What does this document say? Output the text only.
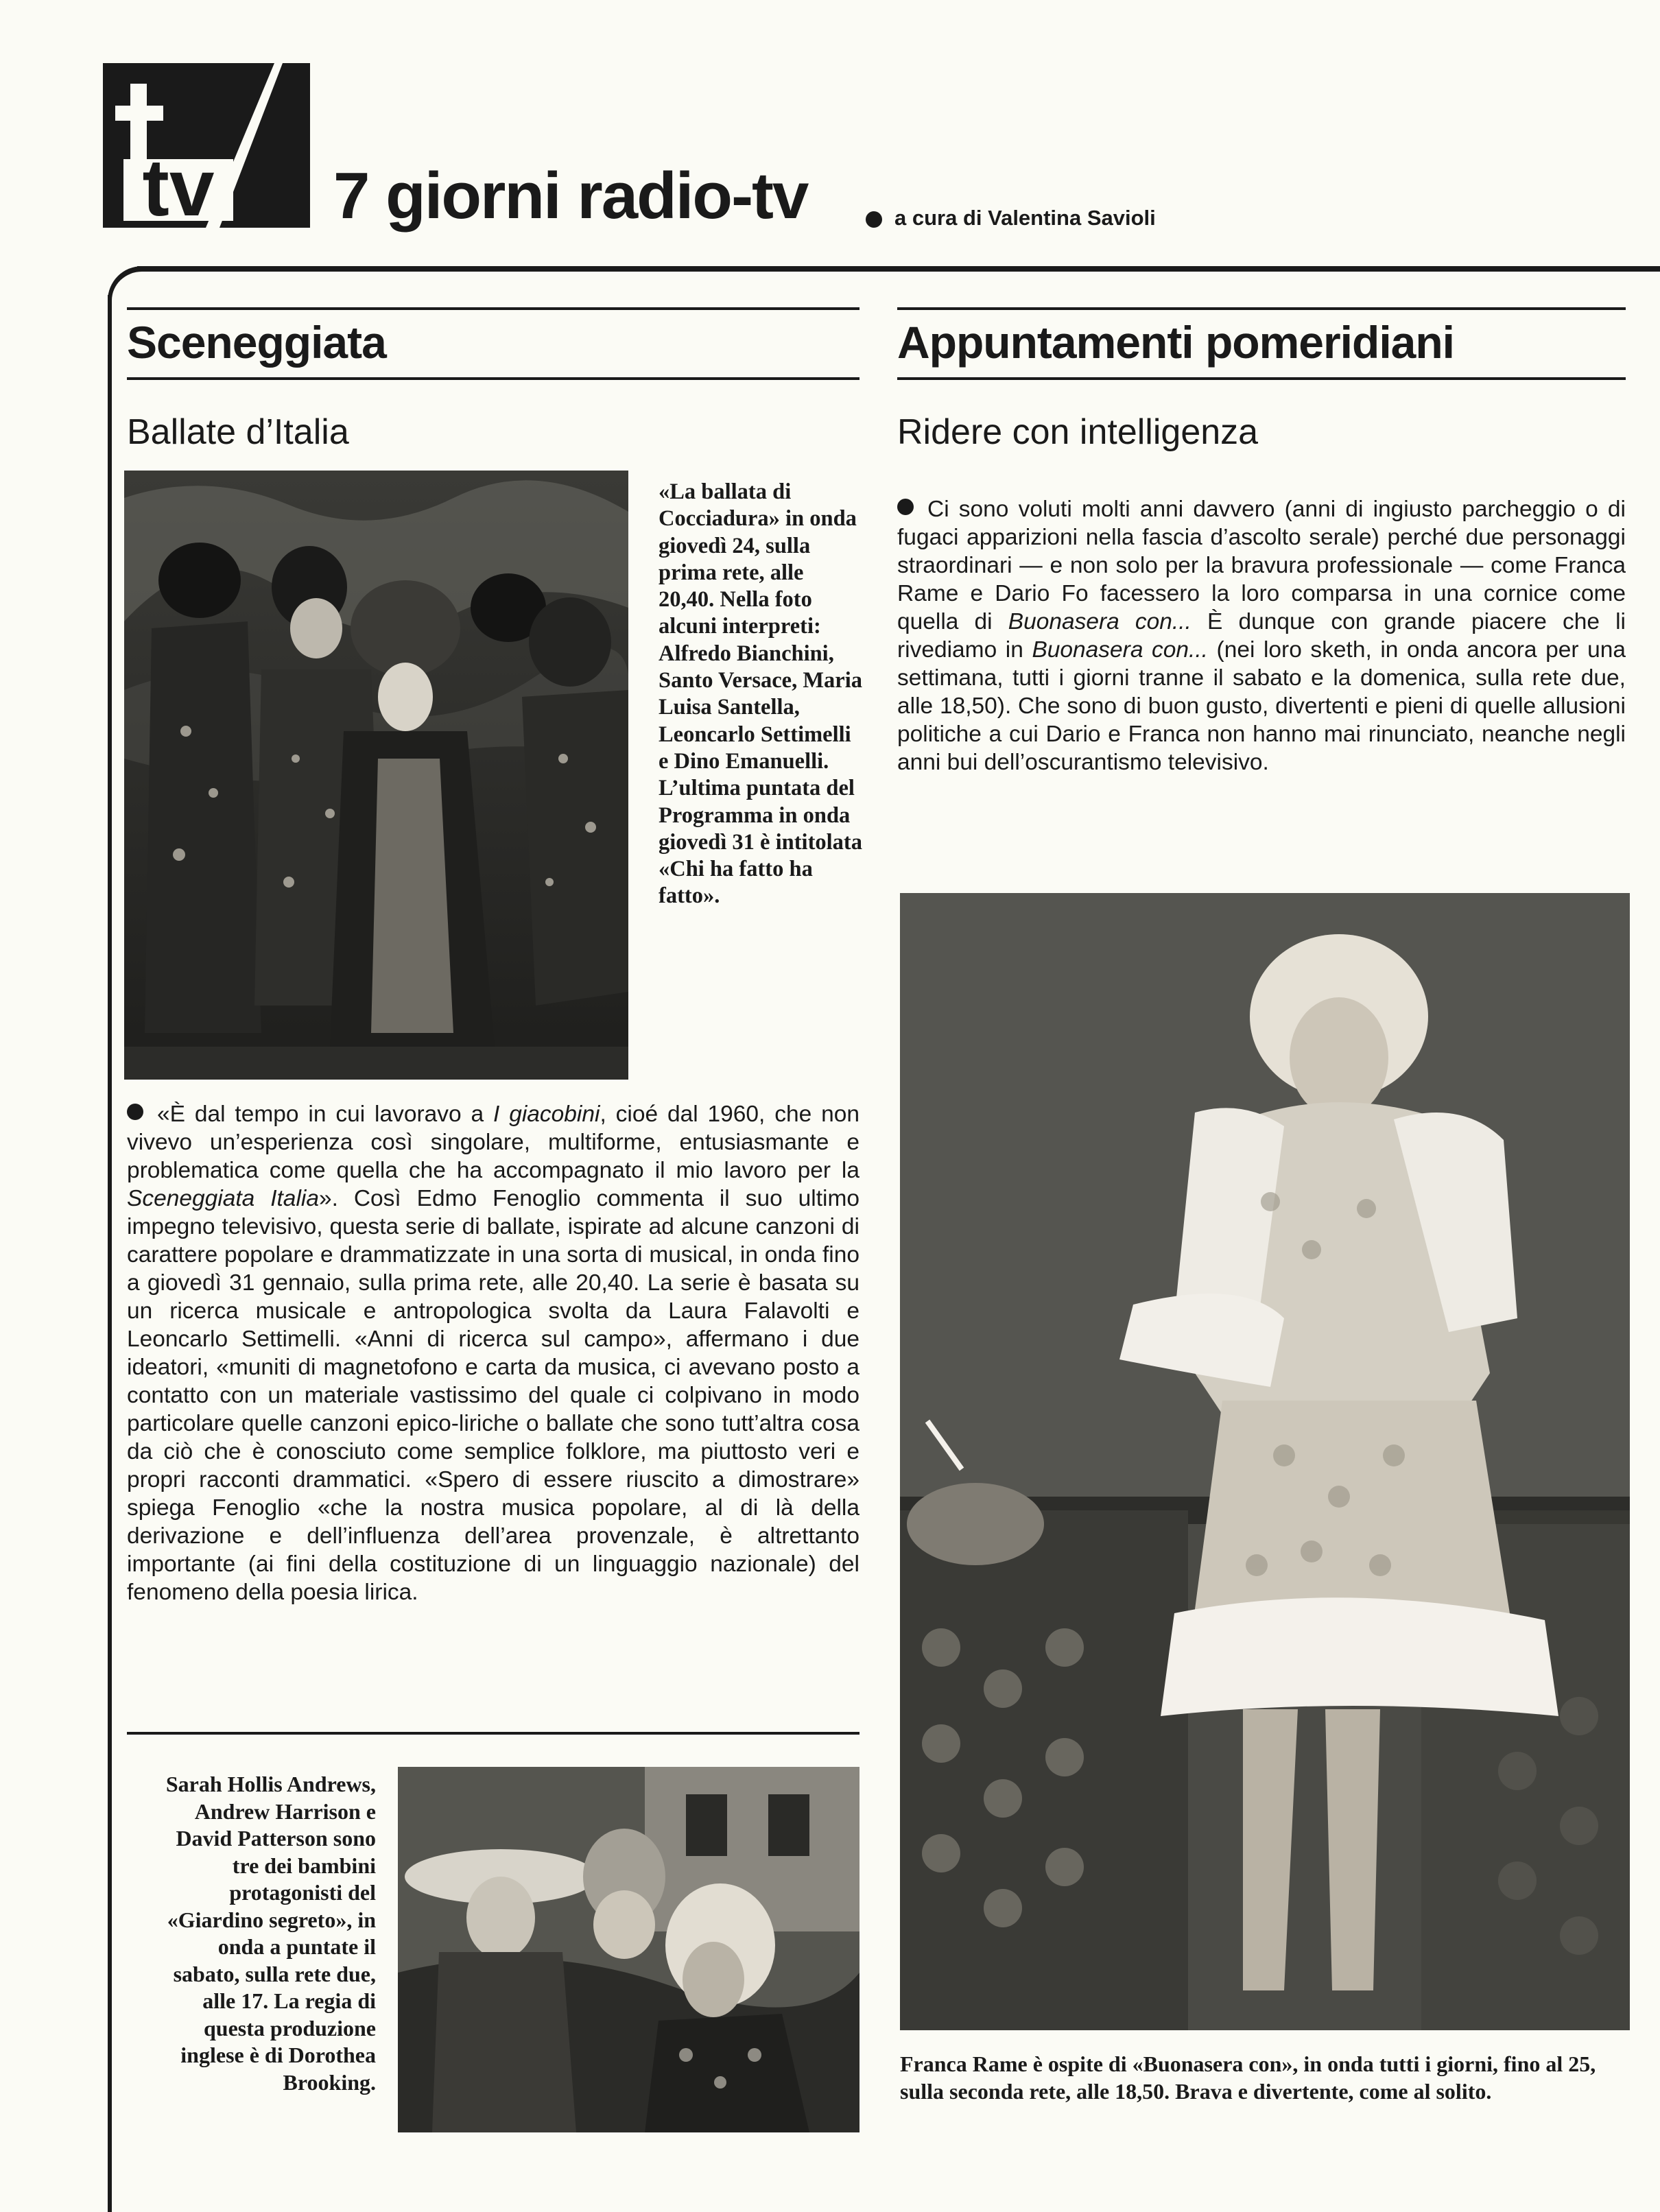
tv 7 giorni radio-tv	a cura di Valentina Savioli
Sceneggiata
Ballate d’Italia
«La ballata di Cocciadura» in onda giovedì 24, sulla prima rete, alle 20,40. Nella foto alcuni interpreti: Alfredo Bianchini, Santo Versace, Maria Luisa Santella, Leoncarlo Settimelli e Dino Emanuelli. L’ultima puntata del Programma in onda giovedì 31 è intitolata «Chi ha fatto ha fatto».
«È dal tempo in cui lavoravo a I giacobini, cioé dal 1960, che non vivevo un’esperienza così singolare, multiforme, entusiasmante e problematica come quella che ha accompagnato il mio lavoro per la Sceneggiata Italia». Così Edmo Fenoglio commenta il suo ultimo impegno televisivo, questa serie di ballate, ispirate ad alcune canzoni di carattere popolare e drammatizzate in una sorta di musical, in onda fino a giovedì 31 gennaio, sulla prima rete, alle 20,40. La serie è basata su un ricerca musicale e antropologica svolta da Laura Falavolti e Leoncarlo Settimelli. «Anni di ricerca sul campo», affermano i due ideatori, «muniti di magnetofono e carta da musica, ci avevano posto a contatto con un materiale vastissimo del quale ci colpivano in modo particolare quelle canzoni epico-liriche o ballate che sono tutt’altra cosa da ciò che è conosciuto come semplice folklore, ma piuttosto veri e propri racconti drammatici. «Spero di essere riuscito a dimostrare» spiega Fenoglio «che la nostra musica popolare, al di là della derivazione e dell’influenza dell’area provenzale, è altrettanto importante (ai fini della costituzione di un linguaggio nazionale) del fenomeno della poesia lirica.
Sarah Hollis Andrews, Andrew Harrison e David Patterson sono tre dei bambini protagonisti del «Giardino segreto», in onda a puntate il sabato, sulla rete due, alle 17. La regia di questa produzione inglese è di Dorothea Brooking.
Appuntamenti pomeridiani
Ridere con intelligenza
Ci sono voluti molti anni davvero (anni di ingiusto parcheggio o di fugaci apparizioni nella fascia d’ascolto serale) perché due personaggi straordinari — e non solo per la bravura professionale — come Franca Rame e Dario Fo facessero la loro comparsa in una cornice come quella di Buonasera con... È dunque con grande piacere che li rivediamo in Buonasera con... (nei loro sketh, in onda ancora per una settimana, tutti i giorni tranne il sabato e la domenica, sulla rete due, alle 18,50). Che sono di buon gusto, divertenti e pieni di quelle allusioni politiche a cui Dario e Franca non hanno mai rinunciato, neanche negli anni bui dell’oscurantismo televisivo.
Franca Rame è ospite di «Buonasera con», in onda tutti i giorni, fino al 25, sulla seconda rete, alle 18,50. Brava e divertente, come al solito.
